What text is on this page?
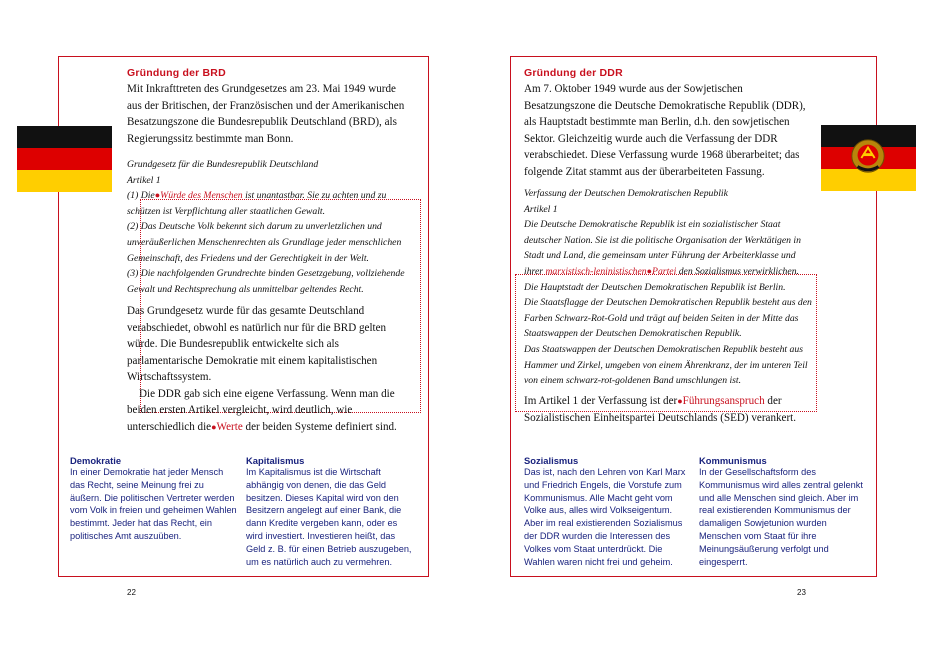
Gründung der BRD

Mit Inkrafttreten des Grundgesetzes am 23. Mai 1949 wurde aus der Britischen, der Französischen und der Amerikanischen Besatzungszone die Bundesrepublik Deutschland (BRD), als Regierungssitz bestimmte man Bonn.

Grundgesetz für die Bundesrepublik Deutschland

Artikel 1

(1) Die●Würde des Menschen ist unantastbar. Sie zu achten und zu schützen ist Verpflichtung aller staatlichen Gewalt.

(2) Das Deutsche Volk bekennt sich darum zu unverletzlichen und unveräußerlichen Menschenrechten als Grundlage jeder menschlichen Gemeinschaft, des Friedens und der Gerechtigkeit in der Welt.

(3) Die nachfolgenden Grundrechte binden Gesetzgebung, vollziehende Gewalt und Rechtsprechung als unmittelbar geltendes Recht.

Das Grundgesetz wurde für das gesamte Deutschland verabschiedet, obwohl es natürlich nur für die BRD gelten würde. Die Bundesrepublik entwickelte sich als parlamentarische Demokratie mit einem kapitalistischen Wirtschaftssystem.

Die DDR gab sich eine eigene Verfassung. Wenn man die beiden ersten Artikel vergleicht, wird deutlich, wie unterschiedlich die●Werte der beiden Systeme definiert sind.

Demokratie

In einer Demokratie hat jeder Mensch das Recht, seine Meinung frei zu äußern. Die politischen Vertreter werden vom Volk in freien und geheimen Wahlen bestimmt. Jeder hat das Recht, ein politisches Amt auszuüben.

Kapitalismus

Im Kapitalismus ist die Wirtschaft abhängig von denen, die das Geld besitzen. Dieses Kapital wird von den Besitzern angelegt auf einer Bank, die dann Kredite vergeben kann, oder es wird investiert. Investieren heißt, das Geld z. B. für einen Betrieb auszugeben, um es natürlich auch zu vermehren.

22
Gründung der DDR

Am 7. Oktober 1949 wurde aus der Sowjetischen Besatzungszone die Deutsche Demokratische Republik (DDR), als Hauptstadt bestimmte man Berlin, d.h. den sowjetischen Sektor. Gleichzeitig wurde auch die Verfassung der DDR verabschiedet. Diese Verfassung wurde 1968 überarbeitet; das folgende Zitat stammt aus der überarbeiteten Fassung.

Verfassung der Deutschen Demokratischen Republik

Artikel 1

Die Deutsche Demokratische Republik ist ein sozialistischer Staat deutscher Nation. Sie ist die politische Organisation der Werktätigen in Stadt und Land, die gemeinsam unter Führung der Arbeiterklasse und ihrer marxistisch-leninistischen●Partei den Sozialismus verwirklichen.

Die Hauptstadt der Deutschen Demokratischen Republik ist Berlin.

Die Staatsflagge der Deutschen Demokratischen Republik besteht aus den Farben Schwarz-Rot-Gold und trägt auf beiden Seiten in der Mitte das Staatswappen der Deutschen Demokratischen Republik.

Das Staatswappen der Deutschen Demokratischen Republik besteht aus Hammer und Zirkel, umgeben von einem Ährenkranz, der im unteren Teil von einem schwarz-rot-goldenen Band umschlungen ist.

Im Artikel 1 der Verfassung ist der●Führungsanspruch der Sozialistischen Einheitspartei Deutschlands (SED) verankert.

Sozialismus

Das ist, nach den Lehren von Karl Marx und Friedrich Engels, die Vorstufe zum Kommunismus. Alle Macht geht vom Volke aus, alles wird Volkseigentum. Aber im real existierenden Sozialismus der DDR wurden die Interessen des Volkes vom Staat unterdrückt. Die Wahlen waren nicht frei und geheim.

Kommunismus

In der Gesellschaftsform des Kommunismus wird alles zentral gelenkt und alle Menschen sind gleich. Aber im real existierenden Kommunismus der damaligen Sowjetunion wurden Menschen vom Staat für ihre Meinungsäußerung verfolgt und eingesperrt.

23
